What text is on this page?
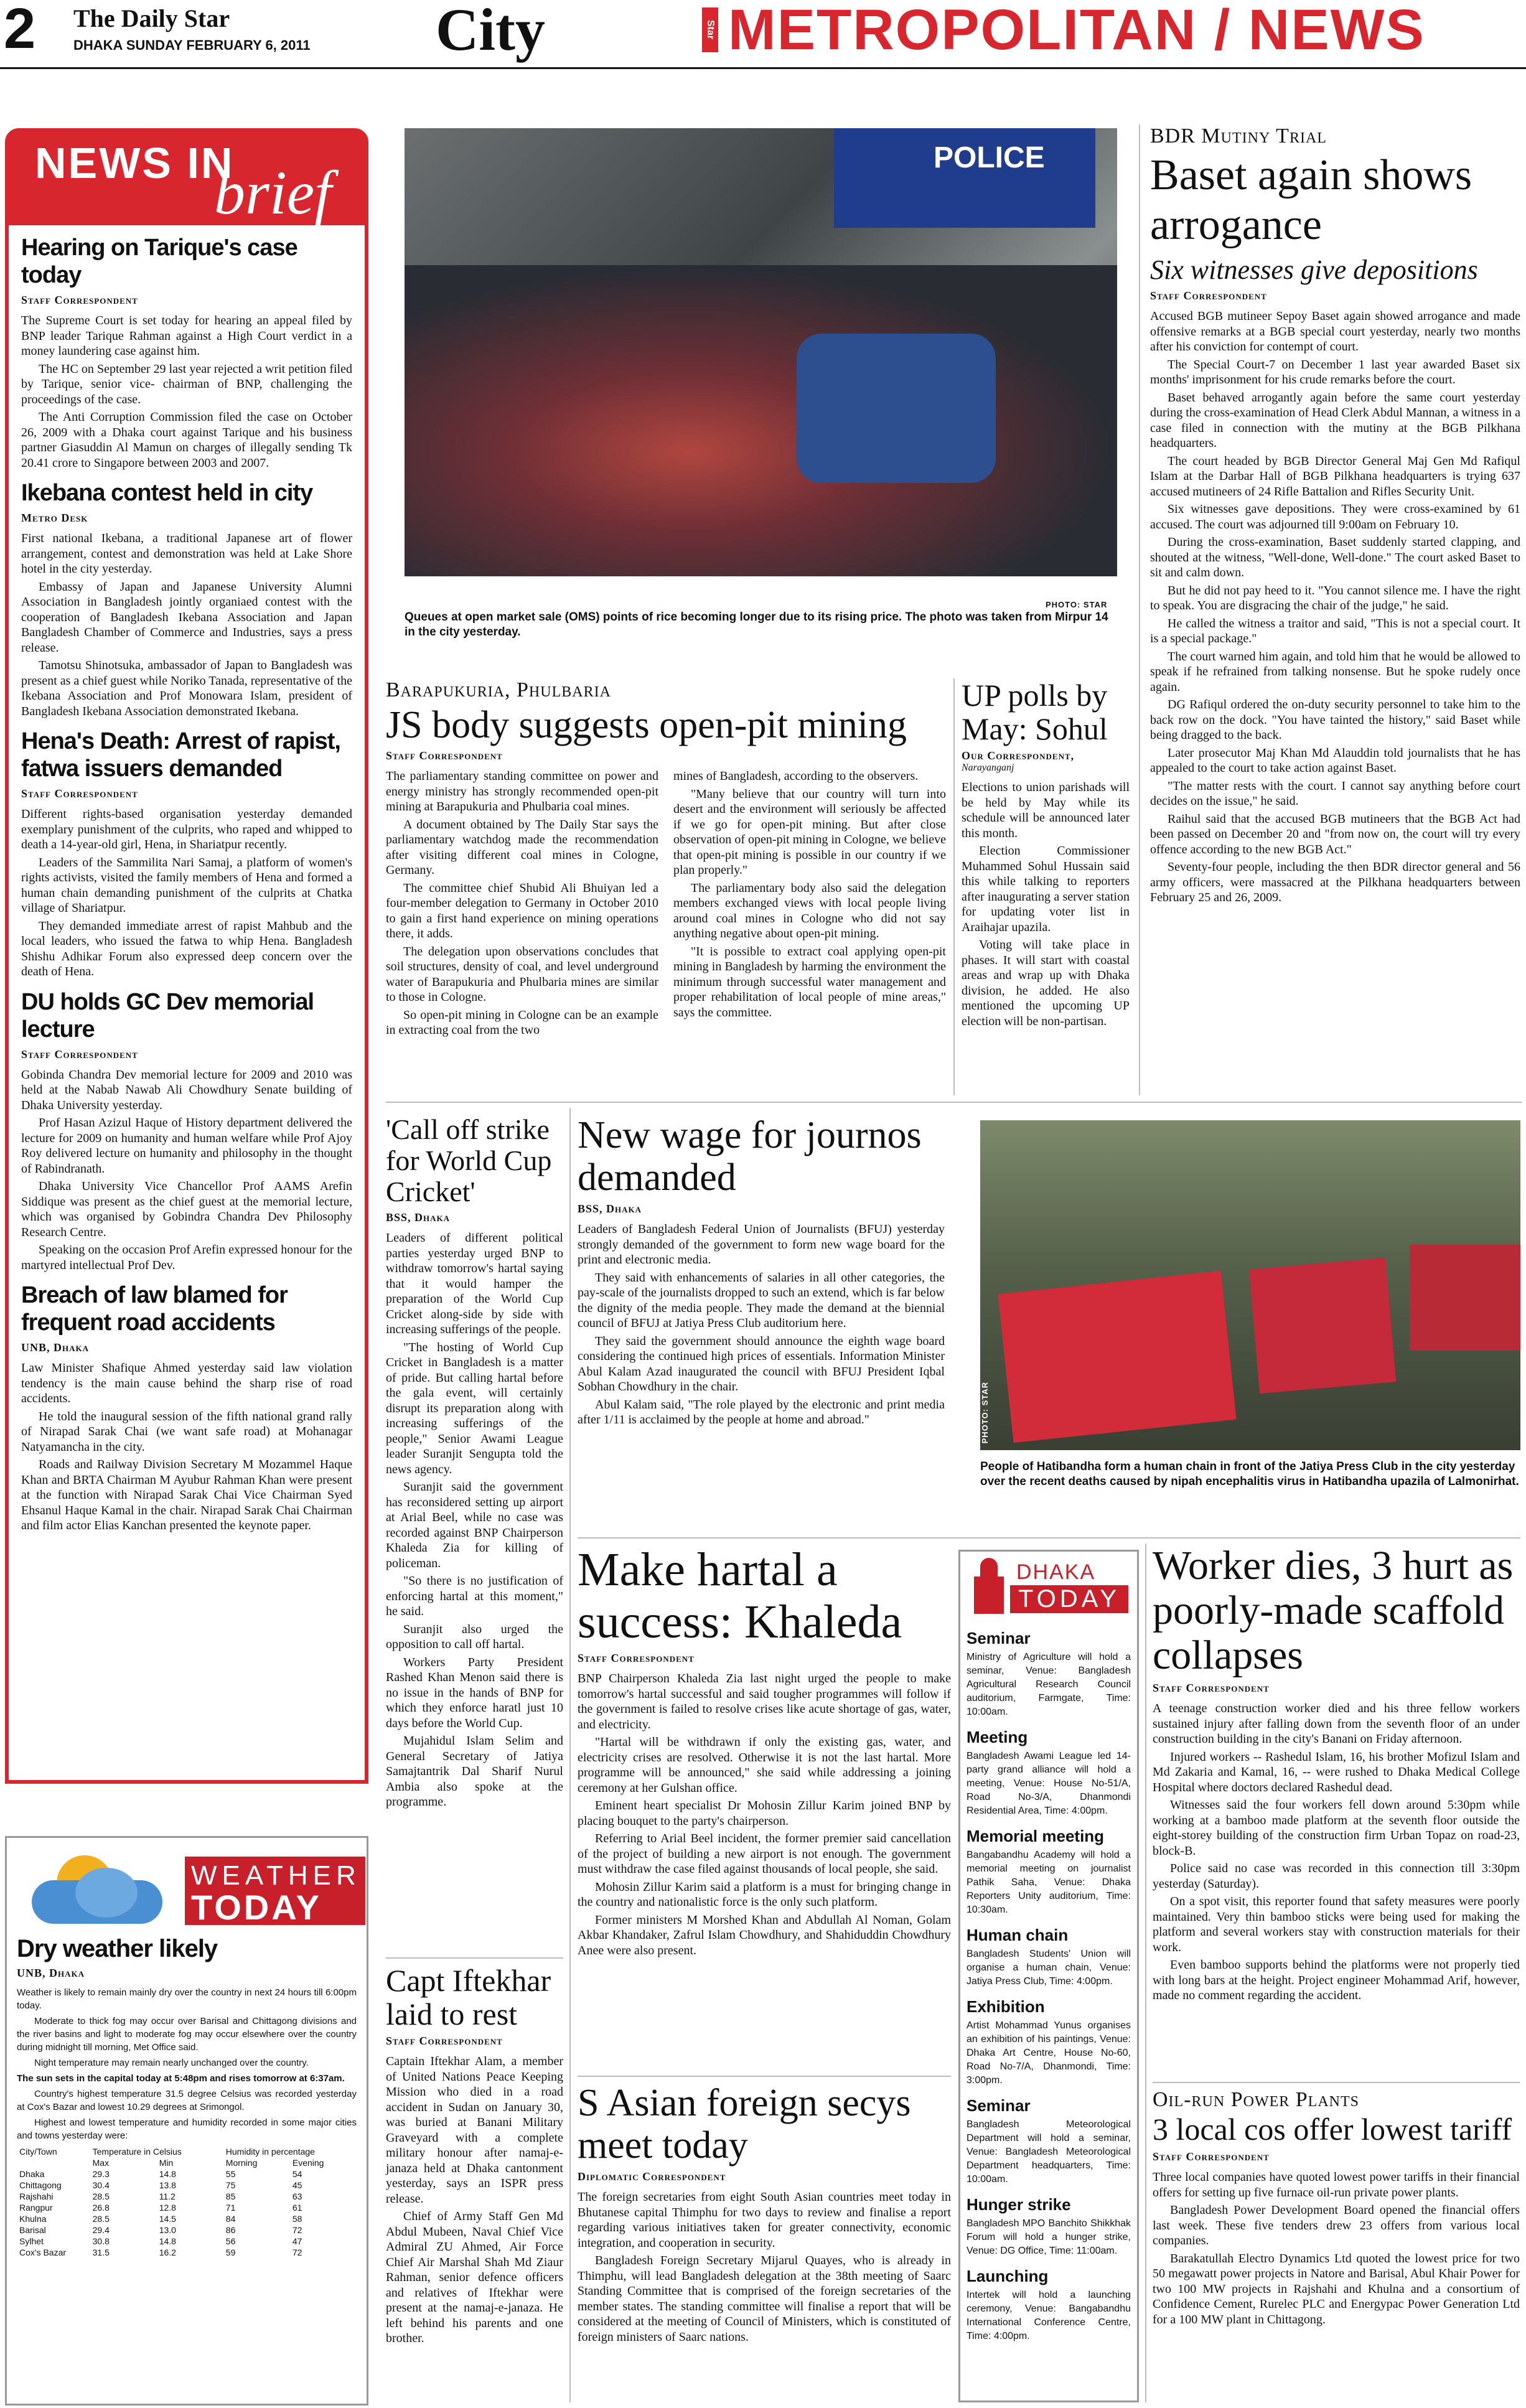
2 The Daily Star
DHAKA SUNDAY FEBRUARY 6, 2011 City	Star METROPOLITAN / NEWS
NEWS IN
brief
Hearing on Tarique's case today
Staff Correspondent

The Supreme Court is set today for hearing an appeal filed by BNP leader Tarique Rahman against a High Court verdict in a money laundering case against him.

The HC on September 29 last year rejected a writ petition filed by Tarique, senior vice- chairman of BNP, challenging the proceedings of the case.

The Anti Corruption Commission filed the case on October 26, 2009 with a Dhaka court against Tarique and his business partner Giasuddin Al Mamun on charges of illegally sending Tk 20.41 crore to Singapore between 2003 and 2007.

Ikebana contest held in city
Metro Desk

First national Ikebana, a traditional Japanese art of flower arrangement, contest and demonstration was held at Lake Shore hotel in the city yesterday.

Embassy of Japan and Japanese University Alumni Association in Bangladesh jointly organiaed contest with the cooperation of Bangladesh Ikebana Association and Japan Bangladesh Chamber of Commerce and Industries, says a press release.

Tamotsu Shinotsuka, ambassador of Japan to Bangladesh was present as a chief guest while Noriko Tanada, representative of the Ikebana Association and Prof Monowara Islam, president of Bangladesh Ikebana Association demonstrated Ikebana.

Hena's Death: Arrest of rapist, fatwa issuers demanded
Staff Correspondent

Different rights-based organisation yesterday demanded exemplary punishment of the culprits, who raped and whipped to death a 14-year-old girl, Hena, in Shariatpur recently.

Leaders of the Sammilita Nari Samaj, a platform of women's rights activists, visited the family members of Hena and formed a human chain demanding punishment of the culprits at Chatka village of Shariatpur.

They demanded immediate arrest of rapist Mahbub and the local leaders, who issued the fatwa to whip Hena. Bangladesh Shishu Adhikar Forum also expressed deep concern over the death of Hena.

DU holds GC Dev memorial lecture
Staff Correspondent

Gobinda Chandra Dev memorial lecture for 2009 and 2010 was held at the Nabab Nawab Ali Chowdhury Senate building of Dhaka University yesterday.

Prof Hasan Azizul Haque of History department delivered the lecture for 2009 on humanity and human welfare while Prof Ajoy Roy delivered lecture on humanity and philosophy in the thought of Rabindranath.

Dhaka University Vice Chancellor Prof AAMS Arefin Siddique was present as the chief guest at the memorial lecture, which was organised by Gobindra Chandra Dev Philosophy Research Centre.

Speaking on the occasion Prof Arefin expressed honour for the martyred intellectual Prof Dev.

Breach of law blamed for frequent road accidents
UNB, Dhaka

Law Minister Shafique Ahmed yesterday said law violation tendency is the main cause behind the sharp rise of road accidents.

He told the inaugural session of the fifth national grand rally of Nirapad Sarak Chai (we want safe road) at Mohanagar Natyamancha in the city.

Roads and Railway Division Secretary M Mozammel Haque Khan and BRTA Chairman M Ayubur Rahman Khan were present at the function with Nirapad Sarak Chai Vice Chairman Syed Ehsanul Haque Kamal in the chair. Nirapad Sarak Chai Chairman and film actor Elias Kanchan presented the keynote paper.

WEATHER
TODAY
Dry weather likely
UNB, Dhaka

Weather is likely to remain mainly dry over the country in next 24 hours till 6:00pm today.

Moderate to thick fog may occur over Barisal and Chittagong divisions and the river basins and light to moderate fog may occur elsewhere over the country during midnight till morning, Met Office said.

Night temperature may remain nearly unchanged over the country.

The sun sets in the capital today at 5:48pm and rises tomorrow at 6:37am.

Country's highest temperature 31.5 degree Celsius was recorded yesterday at Cox's Bazar and lowest 10.29 degrees at Srimongol.

Highest and lowest temperature and humidity recorded in some major cities and towns yesterday were:

City/Town	Temperature in Celsius		Humidity in percentage	
	Max	Min	Morning	Evening
Dhaka	29.3	14.8	55	54
Chittagong	30.4	13.8	75	45
Rajshahi	28.5	11.2	85	63
Rangpur	26.8	12.8	71	61
Khulna	28.5	14.5	84	58
Barisal	29.4	13.0	86	72
Sylhet	30.8	14.8	56	47
Cox's Bazar	31.5	16.2	59	72
POLICE
PHOTO: STAR
Queues at open market sale (OMS) points of rice becoming longer due to its rising price. The photo was taken from Mirpur 14 in the city yesterday.
Barapukuria, Phulbaria
JS body suggests open-pit mining
Staff Correspondent

The parliamentary standing committee on power and energy ministry has strongly recommended open-pit mining at Barapukuria and Phulbaria coal mines.

A document obtained by The Daily Star says the parliamentary watchdog made the recommendation after visiting different coal mines in Cologne, Germany.

The committee chief Shubid Ali Bhuiyan led a four-member delegation to Germany in October 2010 to gain a first hand experience on mining operations there, it adds.

The delegation upon observations concludes that soil structures, density of coal, and level underground water of Barapukuria and Phulbaria mines are similar to those in Cologne.

So open-pit mining in Cologne can be an example in extracting coal from the two

mines of Bangladesh, according to the observers.

"Many believe that our country will turn into desert and the environment will seriously be affected if we go for open-pit mining. But after close observation of open-pit mining in Cologne, we believe that open-pit mining is possible in our country if we plan properly."

The parliamentary body also said the delegation members exchanged views with local people living around coal mines in Cologne who did not say anything negative about open-pit mining.

"It is possible to extract coal applying open-pit mining in Bangladesh by harming the environment the minimum through successful water management and proper rehabilitation of local people of mine areas," says the committee.

UP polls by May: Sohul
Our Correspondent,
Narayanganj

Elections to union parishads will be held by May while its schedule will be announced later this month.

Election Commissioner Muhammed Sohul Hussain said this while talking to reporters after inaugurating a server station for updating voter list in Araihajar upazila.

Voting will take place in phases. It will start with coastal areas and wrap up with Dhaka division, he added. He also mentioned the upcoming UP election will be non-partisan.

BDR Mutiny Trial
Baset again shows arrogance
Six witnesses give depositions
Staff Correspondent

Accused BGB mutineer Sepoy Baset again showed arrogance and made offensive remarks at a BGB special court yesterday, nearly two months after his conviction for contempt of court.

The Special Court-7 on December 1 last year awarded Baset six months' imprisonment for his crude remarks before the court.

Baset behaved arrogantly again before the same court yesterday during the cross-examination of Head Clerk Abdul Mannan, a witness in a case filed in connection with the mutiny at the BGB Pilkhana headquarters.

The court headed by BGB Director General Maj Gen Md Rafiqul Islam at the Darbar Hall of BGB Pilkhana headquarters is trying 637 accused mutineers of 24 Rifle Battalion and Rifles Security Unit.

Six witnesses gave depositions. They were cross-examined by 61 accused. The court was adjourned till 9:00am on February 10.

During the cross-examination, Baset suddenly started clapping, and shouted at the witness, "Well-done, Well-done." The court asked Baset to sit and calm down.

But he did not pay heed to it. "You cannot silence me. I have the right to speak. You are disgracing the chair of the judge," he said.

He called the witness a traitor and said, "This is not a special court. It is a special package."

The court warned him again, and told him that he would be allowed to speak if he refrained from talking nonsense. But he spoke rudely once again.

DG Rafiqul ordered the on-duty security personnel to take him to the back row on the dock. "You have tainted the history," said Baset while being dragged to the back.

Later prosecutor Maj Khan Md Alauddin told journalists that he has appealed to the court to take action against Baset.

"The matter rests with the court. I cannot say anything before court decides on the issue," he said.

Raihul said that the accused BGB mutineers that the BGB Act had been passed on December 20 and "from now on, the court will try every offence according to the new BGB Act."

Seventy-four people, including the then BDR director general and 56 army officers, were massacred at the Pilkhana headquarters between February 25 and 26, 2009.

'Call off strike for World Cup Cricket'
BSS, Dhaka

Leaders of different political parties yesterday urged BNP to withdraw tomorrow's hartal saying that it would hamper the preparation of the World Cup Cricket along-side by side with increasing sufferings of the people.

"The hosting of World Cup Cricket in Bangladesh is a matter of pride. But calling hartal before the gala event, will certainly disrupt its preparation along with increasing sufferings of the people," Senior Awami League leader Suranjit Sengupta told the news agency.

Suranjit said the government has reconsidered setting up airport at Arial Beel, while no case was recorded against BNP Chairperson Khaleda Zia for killing of policeman.

"So there is no justification of enforcing hartal at this moment," he said.

Suranjit also urged the opposition to call off hartal.

Workers Party President Rashed Khan Menon said there is no issue in the hands of BNP for which they enforce haratl just 10 days before the World Cup.

Mujahidul Islam Selim and General Secretary of Jatiya Samajtantrik Dal Sharif Nurul Ambia also spoke at the programme.

Capt Iftekhar laid to rest
Staff Correspondent

Captain Iftekhar Alam, a member of United Nations Peace Keeping Mission who died in a road accident in Sudan on January 30, was buried at Banani Military Graveyard with a complete military honour after namaj-e-janaza held at Dhaka cantonment yesterday, says an ISPR press release.

Chief of Army Staff Gen Md Abdul Mubeen, Naval Chief Vice Admiral ZU Ahmed, Air Force Chief Air Marshal Shah Md Ziaur Rahman, senior defence officers and relatives of Iftekhar were present at the namaj-e-janaza. He left behind his parents and one brother.

New wage for journos demanded
BSS, Dhaka

Leaders of Bangladesh Federal Union of Journalists (BFUJ) yesterday strongly demanded of the government to form new wage board for the print and electronic media.

They said with enhancements of salaries in all other categories, the pay-scale of the journalists dropped to such an extend, which is far below the dignity of the media people. They made the demand at the biennial council of BFUJ at Jatiya Press Club auditorium here.

They said the government should announce the eighth wage board considering the continued high prices of essentials. Information Minister Abul Kalam Azad inaugurated the council with BFUJ President Iqbal Sobhan Chowdhury in the chair.

Abul Kalam said, "The role played by the electronic and print media after 1/11 is acclaimed by the people at home and abroad."	PHOTO: STAR
People of Hatibandha form a human chain in front of the Jatiya Press Club in the city yesterday over the recent deaths caused by nipah encephalitis virus in Hatibandha upazila of Lalmonirhat.
Make hartal a success: Khaleda
Staff Correspondent

BNP Chairperson Khaleda Zia last night urged the people to make tomorrow's hartal successful and said tougher programmes will follow if the government is failed to resolve crises like acute shortage of gas, water, and electricity.

"Hartal will be withdrawn if only the existing gas, water, and electricity crises are resolved. Otherwise it is not the last hartal. More programme will be announced," she said while addressing a joining ceremony at her Gulshan office.

Eminent heart specialist Dr Mohosin Zillur Karim joined BNP by placing bouquet to the party's chairperson.

Referring to Arial Beel incident, the former premier said cancellation of the project of building a new airport is not enough. The government must withdraw the case filed against thousands of local people, she said.

Mohosin Zillur Karim said a platform is a must for bringing change in the country and nationalistic force is the only such platform.

Former ministers M Morshed Khan and Abdullah Al Noman, Golam Akbar Khandaker, Zafrul Islam Chowdhury, and Shahiduddin Chowdhury Anee were also present.

S Asian foreign secys meet today
Diplomatic Correspondent

The foreign secretaries from eight South Asian countries meet today in Bhutanese capital Thimphu for two days to review and finalise a report regarding various initiatives taken for greater connectivity, economic integration, and cooperation in security.

Bangladesh Foreign Secretary Mijarul Quayes, who is already in Thimphu, will lead Bangladesh delegation at the 38th meeting of Saarc Standing Committee that is comprised of the foreign secretaries of the member states. The standing committee will finalise a report that will be considered at the meeting of Council of Ministers, which is constituted of foreign ministers of Saarc nations.

DHAKA
TODAY
Seminar
Ministry of Agriculture will hold a seminar, Venue: Bangladesh Agricultural Research Council auditorium, Farmgate, Time: 10:00am.
Meeting
Bangladesh Awami League led 14-party grand alliance will hold a meeting, Venue: House No-51/A, Road No-3/A, Dhanmondi Residential Area, Time: 4:00pm.
Memorial meeting
Bangabandhu Academy will hold a memorial meeting on journalist Pathik Saha, Venue: Dhaka Reporters Unity auditorium, Time: 10:30am.
Human chain
Bangladesh Students' Union will organise a human chain, Venue: Jatiya Press Club, Time: 4:00pm.
Exhibition
Artist Mohammad Yunus organises an exhibition of his paintings, Venue: Dhaka Art Centre, House No-60, Road No-7/A, Dhanmondi, Time: 3:00pm.
Seminar
Bangladesh Meteorological Department will hold a seminar, Venue: Bangladesh Meteorological Department headquarters, Time: 10:00am.
Hunger strike
Bangladesh MPO Banchito Shikkhak Forum will hold a hunger strike, Venue: DG Office, Time: 11:00am.
Launching
Intertek will hold a launching ceremony, Venue: Bangabandhu International Conference Centre, Time: 4:00pm.
Worker dies, 3 hurt as poorly-made scaffold collapses
Staff Correspondent

A teenage construction worker died and his three fellow workers sustained injury after falling down from the seventh floor of an under construction building in the city's Banani on Friday afternoon.

Injured workers -- Rashedul Islam, 16, his brother Mofizul Islam and Md Zakaria and Kamal, 16, -- were rushed to Dhaka Medical College Hospital where doctors declared Rashedul dead.

Witnesses said the four workers fell down around 5:30pm while working at a bamboo made platform at the seventh floor outside the eight-storey building of the construction firm Urban Topaz on road-23, block-B.

Police said no case was recorded in this connection till 3:30pm yesterday (Saturday).

On a spot visit, this reporter found that safety measures were poorly maintained. Very thin bamboo sticks were being used for making the platform and several workers stay with construction materials for their work.

Even bamboo supports behind the platforms were not properly tied with long bars at the height. Project engineer Mohammad Arif, however, made no comment regarding the accident.

Oil-run Power Plants
3 local cos offer lowest tariff
Staff Correspondent

Three local companies have quoted lowest power tariffs in their financial offers for setting up five furnace oil-run private power plants.

Bangladesh Power Development Board opened the financial offers last week. These five tenders drew 23 offers from various local companies.

Barakatullah Electro Dynamics Ltd quoted the lowest price for two 50 megawatt power projects in Natore and Barisal, Abul Khair Power for two 100 MW projects in Rajshahi and Khulna and a consortium of Confidence Cement, Rurelec PLC and Energypac Power Generation Ltd for a 100 MW plant in Chittagong.
